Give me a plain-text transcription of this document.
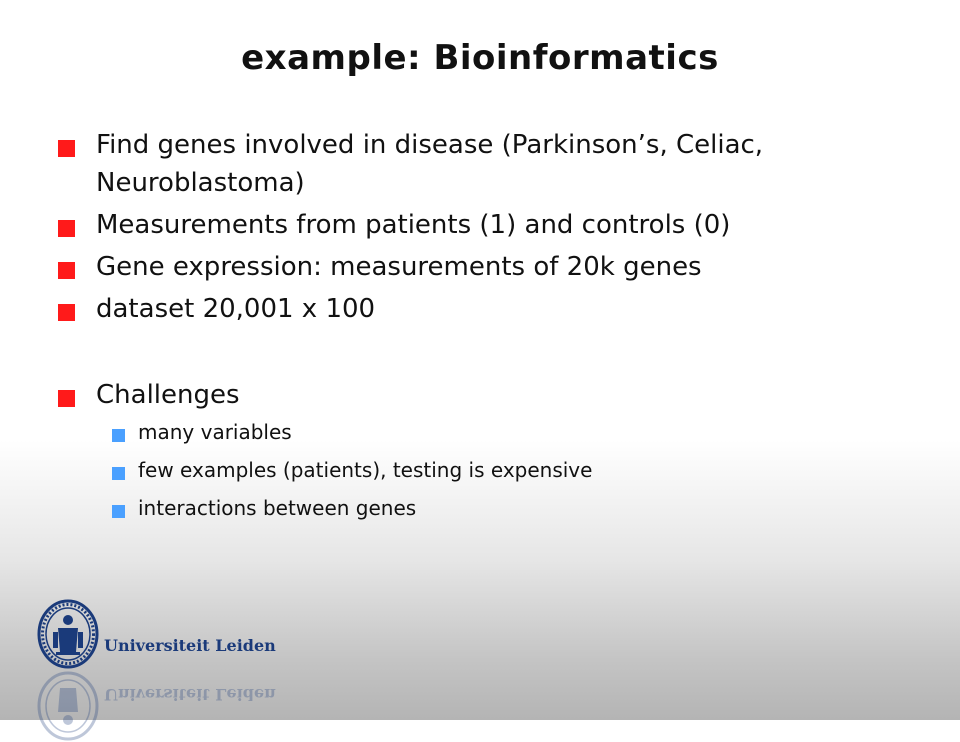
example: Bioinformatics
Find genes involved in disease (Parkinson’s, Celiac, Neuroblastoma)
Measurements from patients (1) and controls (0)
Gene expression: measurements of 20k genes
dataset 20,001 x 100
Challenges
many variables
few examples (patients), testing is expensive
interactions between genes
Universiteit Leiden
Universiteit Leiden
